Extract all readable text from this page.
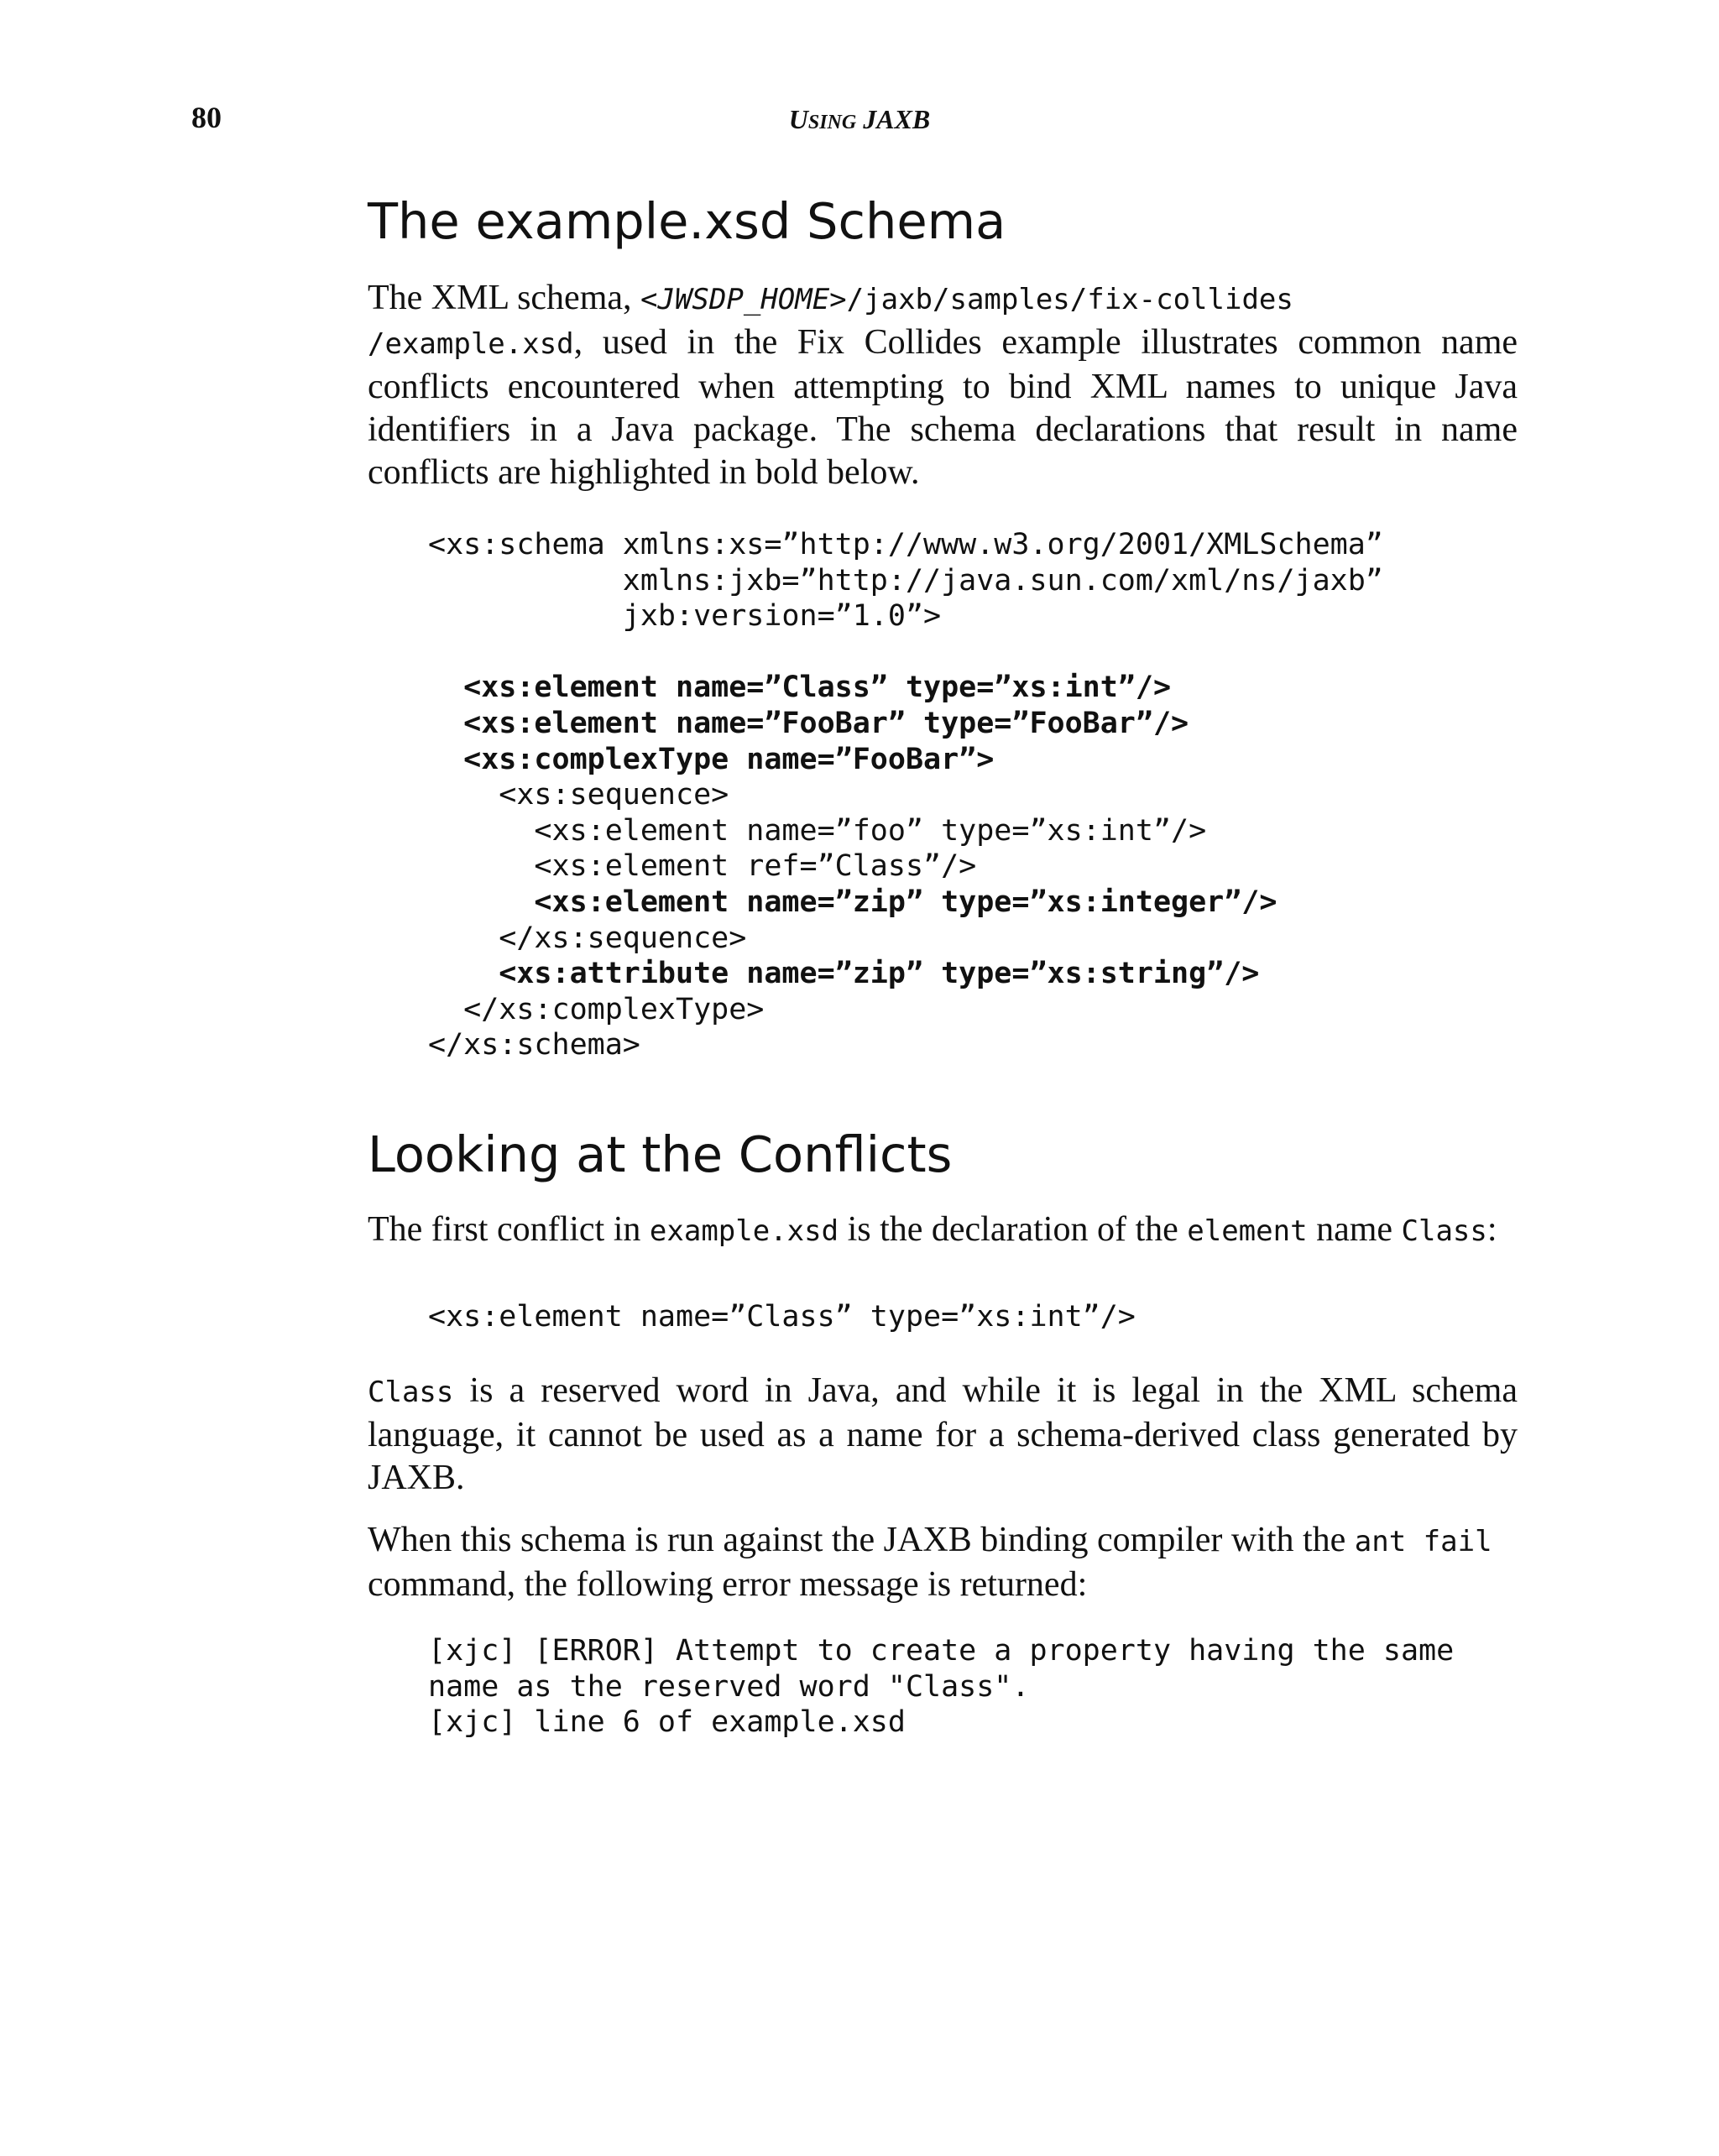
80	USING JAXB
The example.xsd Schema

The XML schema, <JWSDP_HOME>/jaxb/samples/fix-collides
/example.xsd, used in the Fix Collides example illustrates common name conflicts encountered when attempting to bind XML names to unique Java identifiers in a Java package. The schema declarations that result in name conflicts are highlighted in bold below.

<xs:schema xmlns:xs=”http://www.w3.org/2001/XMLSchema”
xmlns:jxb=”http://java.sun.com/xml/ns/jaxb”
jxb:version=”1.0”>

<xs:element name=”Class” type=”xs:int”/>
<xs:element name=”FooBar” type=”FooBar”/>
<xs:complexType name=”FooBar”>
<xs:sequence>
<xs:element name=”foo” type=”xs:int”/>
<xs:element ref=”Class”/>
<xs:element name=”zip” type=”xs:integer”/>
</xs:sequence>
<xs:attribute name=”zip” type=”xs:string”/>
</xs:complexType>
</xs:schema>
Looking at the Conflicts

The first conflict in example.xsd is the declaration of the element name Class:

<xs:element name=”Class” type=”xs:int”/>

Class is a reserved word in Java, and while it is legal in the XML schema language, it cannot be used as a name for a schema-derived class generated by JAXB.

When this schema is run against the JAXB binding compiler with the ant fail command, the following error message is returned:

[xjc] [ERROR] Attempt to create a property having the same
name as the reserved word "Class".
[xjc] line 6 of example.xsd
